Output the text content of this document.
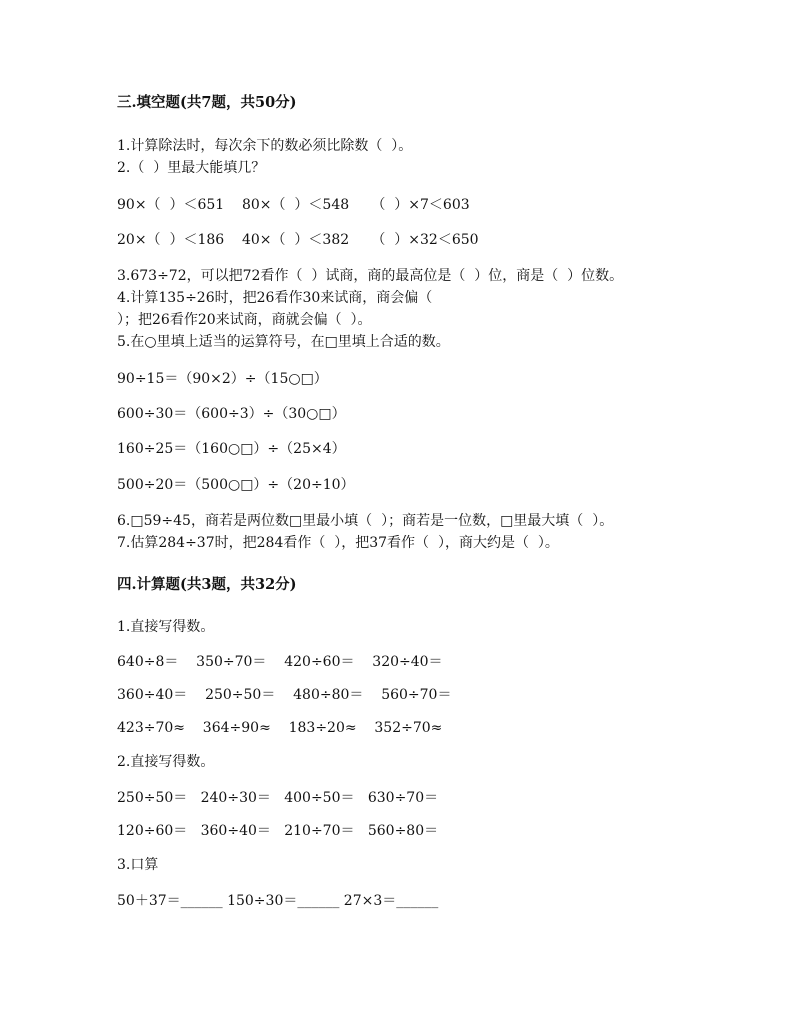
三.填空题(共7题，共50分)
1.计算除法时，每次余下的数必须比除数（  ）。
2.（  ）里最大能填几？
90×（  ）＜651    80×（  ）＜548     （  ）×7＜603
20×（  ）＜186    40×（  ）＜382     （  ）×32＜650
3.673÷72，可以把72看作（  ）试商，商的最高位是（  ）位，商是（  ）位数。
4.计算135÷26时，把26看作30来试商，商会偏（
）；把26看作20来试商，商就会偏（  ）。
5.在○里填上适当的运算符号，在□里填上合适的数。
90÷15＝（90×2）÷（15○□）
600÷30＝（600÷3）÷（30○□）
160÷25＝（160○□）÷（25×4）
500÷20＝（500○□）÷（20÷10）
6.□59÷45，商若是两位数□里最小填（  ）；商若是一位数，□里最大填（  ）。
7.估算284÷37时，把284看作（  ），把37看作（  ），商大约是（  ）。
四.计算题(共3题，共32分)
1.直接写得数。
640÷8＝    350÷70＝    420÷60＝    320÷40＝
360÷40＝    250÷50＝    480÷80＝    560÷70＝
423÷70≈    364÷90≈    183÷20≈    352÷70≈
2.直接写得数。
250÷50＝   240÷30＝   400÷50＝   630÷70＝
120÷60＝   360÷40＝   210÷70＝   560÷80＝
3.口算
50＋37＝______ 150÷30＝______ 27×3＝______
